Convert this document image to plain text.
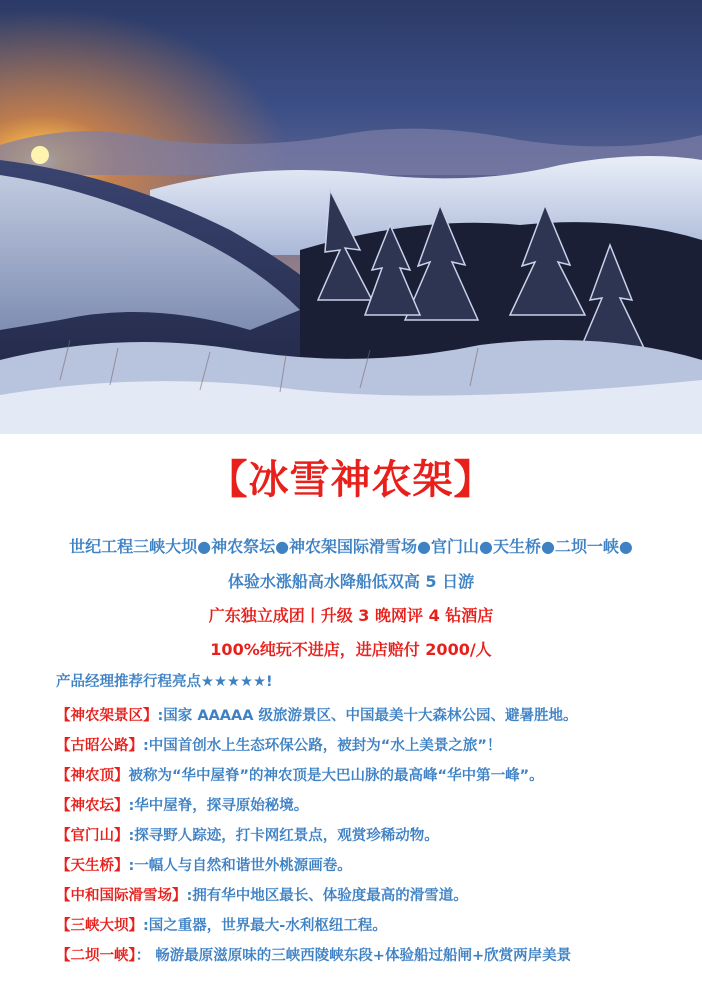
【冰雪神农架】
世纪工程三峡大坝●神农祭坛●神农架国际滑雪场●官门山●天生桥●二坝一峡●
体验水涨船高水降船低双高 5 日游
广东独立成团丨升级 3 晚网评 4 钻酒店
100%纯玩不进店，进店赔付 2000/人
产品经理推荐行程亮点★★★★★!
【神农架景区】:国家 AAAAA 级旅游景区、中国最美十大森林公园、避暑胜地。
【古昭公路】:中国首创水上生态环保公路，被封为“水上美景之旅”！
【神农顶】被称为“华中屋脊”的神农顶是大巴山脉的最高峰“华中第一峰”。
【神农坛】:华中屋脊，探寻原始秘境。
【官门山】:探寻野人踪迹，打卡网红景点，观赏珍稀动物。
【天生桥】:一幅人与自然和谐世外桃源画卷。
【中和国际滑雪场】:拥有华中地区最长、体验度最高的滑雪道。
【三峡大坝】:国之重器，世界最大-水利枢纽工程。
【二坝一峡】： 畅游最原滋原味的三峡西陵峡东段+体验船过船闸+欣赏两岸美景
